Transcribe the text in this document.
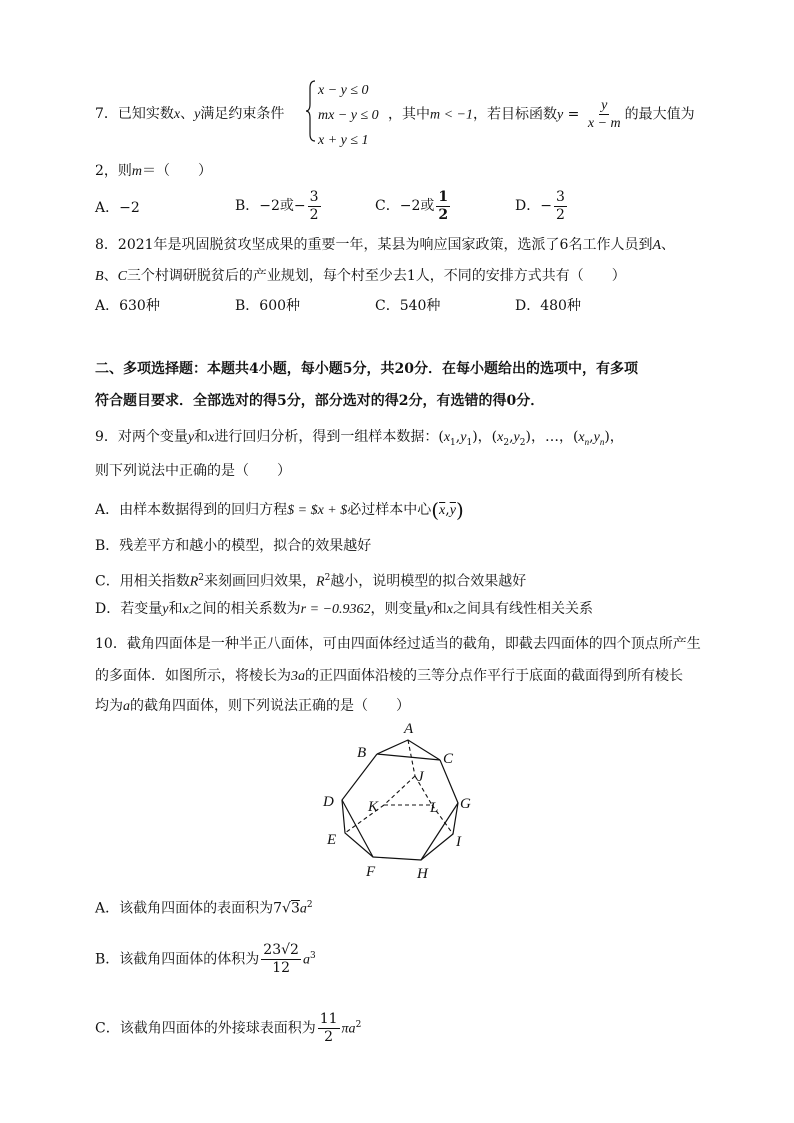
7．已知实数x、y满足约束条件
x − y ≤ 0
mx − y ≤ 0
x + y ≤ 1
，其中m < −1，若目标函数$y = \frac{y}{x - m}$ 的最大值为
2，则m＝（　　）
A．−2	B．−2或− $\frac{3}{2}$	C．−2或 $\frac{1}{2}$	D．− $\frac{3}{2}$
8．2021年是巩固脱贫攻坚成果的重要一年，某县为响应国家政策，选派了6名工作人员到A、
B、C三个村调研脱贫后的产业规划，每个村至少去1人，不同的安排方式共有（　　）
A．630种	B．600种	C．540种	D．480种
二、多项选择题：本题共4小题，每小题5分，共20分．在每小题给出的选项中，有多项
符合题目要求．全部选对的得5分，部分选对的得2分，有选错的得0分．
9．对两个变量y和x进行回归分析，得到一组样本数据：$(x_1,y_1)$，$(x_2,y_2)$，…，$(x_n,y_n)$，
则下列说法中正确的是（　　）
A．由样本数据得到的回归方程$ = $x + $必过样本中心$(\overline{x},\overline{y})$
B．残差平方和越小的模型，拟合的效果越好
C．用相关指数$R^2$来刻画回归效果，$R^2$越小，说明模型的拟合效果越好
D．若变量y和x之间的相关系数为r = −0.9362，则变量y和x之间具有线性相关关系
10．截角四面体是一种半正八面体，可由四面体经过适当的截角，即截去四面体的四个顶点所产生
的多面体．如图所示，将棱长为3a的正四面体沿棱的三等分点作平行于底面的截面得到所有棱长
均为a的截角四面体，则下列说法正确的是（　　）
A
B	C
J
D K	L G
E	I
F	H
A．该截角四面体的表面积为$7√3a^2$
B．该截角四面体的体积为 $\frac{23√2}{12} a^3$
C．该截角四面体的外接球表面积为 $\frac{11}{2} \pi a^2$
